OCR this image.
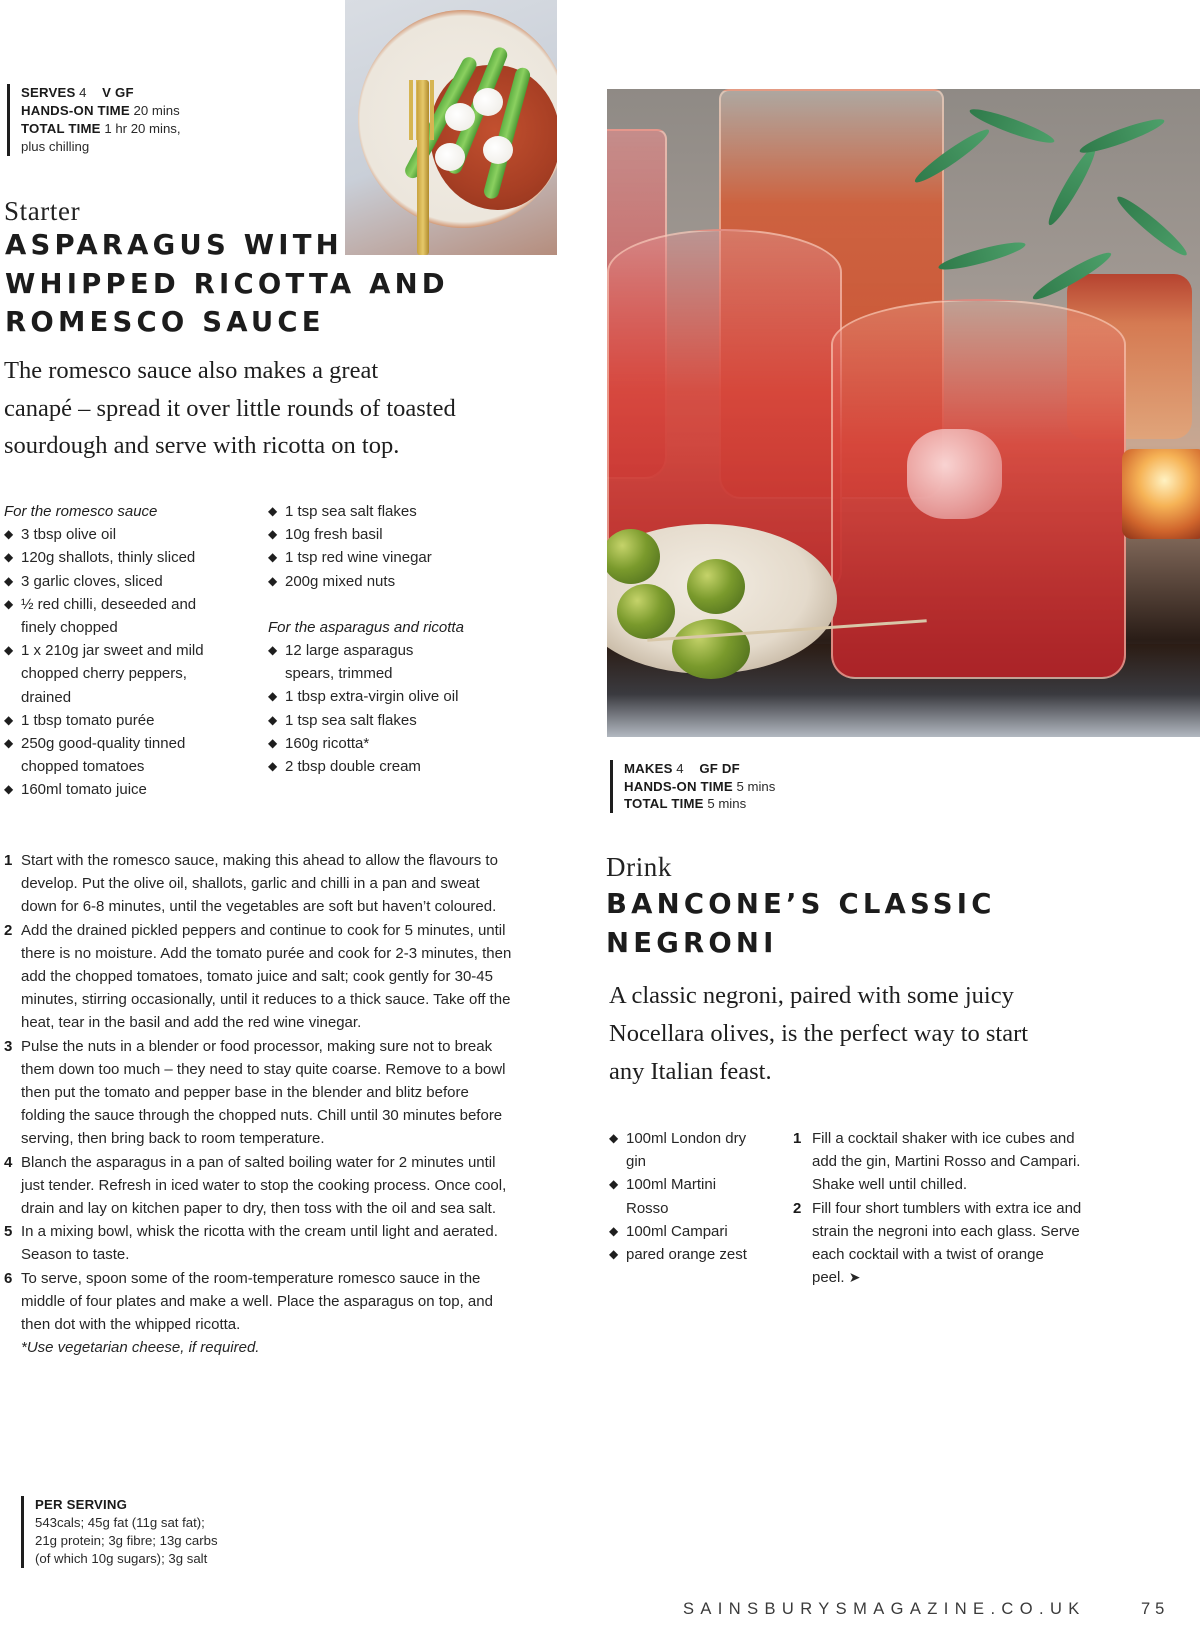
SERVES 4 V GF
HANDS-ON TIME 20 mins
TOTAL TIME 1 hr 20 mins,
plus chilling
Starter
ASPARAGUS WITH
WHIPPED RICOTTA AND
ROMESCO SAUCE
The romesco sauce also makes a great
canapé – spread it over little rounds of toasted
sourdough and serve with ricotta on top.
For the romesco sauce
◆ 3 tbsp olive oil
◆ 120g shallots, thinly sliced
◆ 3 garlic cloves, sliced
◆ ½ red chilli, deseeded and finely chopped
◆ 1 x 210g jar sweet and mild chopped cherry peppers, drained
◆ 1 tbsp tomato purée
◆ 250g good-quality tinned chopped tomatoes
◆ 160ml tomato juice
◆ 1 tsp sea salt flakes
◆ 10g fresh basil
◆ 1 tsp red wine vinegar
◆ 200g mixed nuts
For the asparagus and ricotta
◆ 12 large asparagus spears, trimmed
◆ 1 tbsp extra-virgin olive oil
◆ 1 tsp sea salt flakes
◆ 160g ricotta*
◆ 2 tbsp double cream
1 Start with the romesco sauce, making this ahead to allow the flavours to develop. Put the olive oil, shallots, garlic and chilli in a pan and sweat down for 6-8 minutes, until the vegetables are soft but haven’t coloured.
2 Add the drained pickled peppers and continue to cook for 5 minutes, until there is no moisture. Add the tomato purée and cook for 2-3 minutes, then add the chopped tomatoes, tomato juice and salt; cook gently for 30-45 minutes, stirring occasionally, until it reduces to a thick sauce. Take off the heat, tear in the basil and add the red wine vinegar.
3 Pulse the nuts in a blender or food processor, making sure not to break them down too much – they need to stay quite coarse. Remove to a bowl then put the tomato and pepper base in the blender and blitz before folding the sauce through the chopped nuts. Chill until 30 minutes before serving, then bring back to room temperature.
4 Blanch the asparagus in a pan of salted boiling water for 2 minutes until just tender. Refresh in iced water to stop the cooking process. Once cool, drain and lay on kitchen paper to dry, then toss with the oil and sea salt.
5 In a mixing bowl, whisk the ricotta with the cream until light and aerated. Season to taste.
6 To serve, spoon some of the room-temperature romesco sauce in the middle of four plates and make a well. Place the asparagus on top, and then dot with the whipped ricotta.
*Use vegetarian cheese, if required.
PER SERVING
543cals; 45g fat (11g sat fat);
21g protein; 3g fibre; 13g carbs
(of which 10g sugars); 3g salt
MAKES 4 GF DF
HANDS-ON TIME 5 mins
TOTAL TIME 5 mins
Drink
BANCONE’S CLASSIC
NEGRONI
A classic negroni, paired with some juicy
Nocellara olives, is the perfect way to start
any Italian feast.
◆ 100ml London dry gin
◆ 100ml Martini Rosso
◆ 100ml Campari
◆ pared orange zest
1 Fill a cocktail shaker with ice cubes and add the gin, Martini Rosso and Campari. Shake well until chilled.
2 Fill four short tumblers with extra ice and strain the negroni into each glass. Serve each cocktail with a twist of orange peel. ➤
SAINSBURYSMAGAZINE.CO.UK	75
